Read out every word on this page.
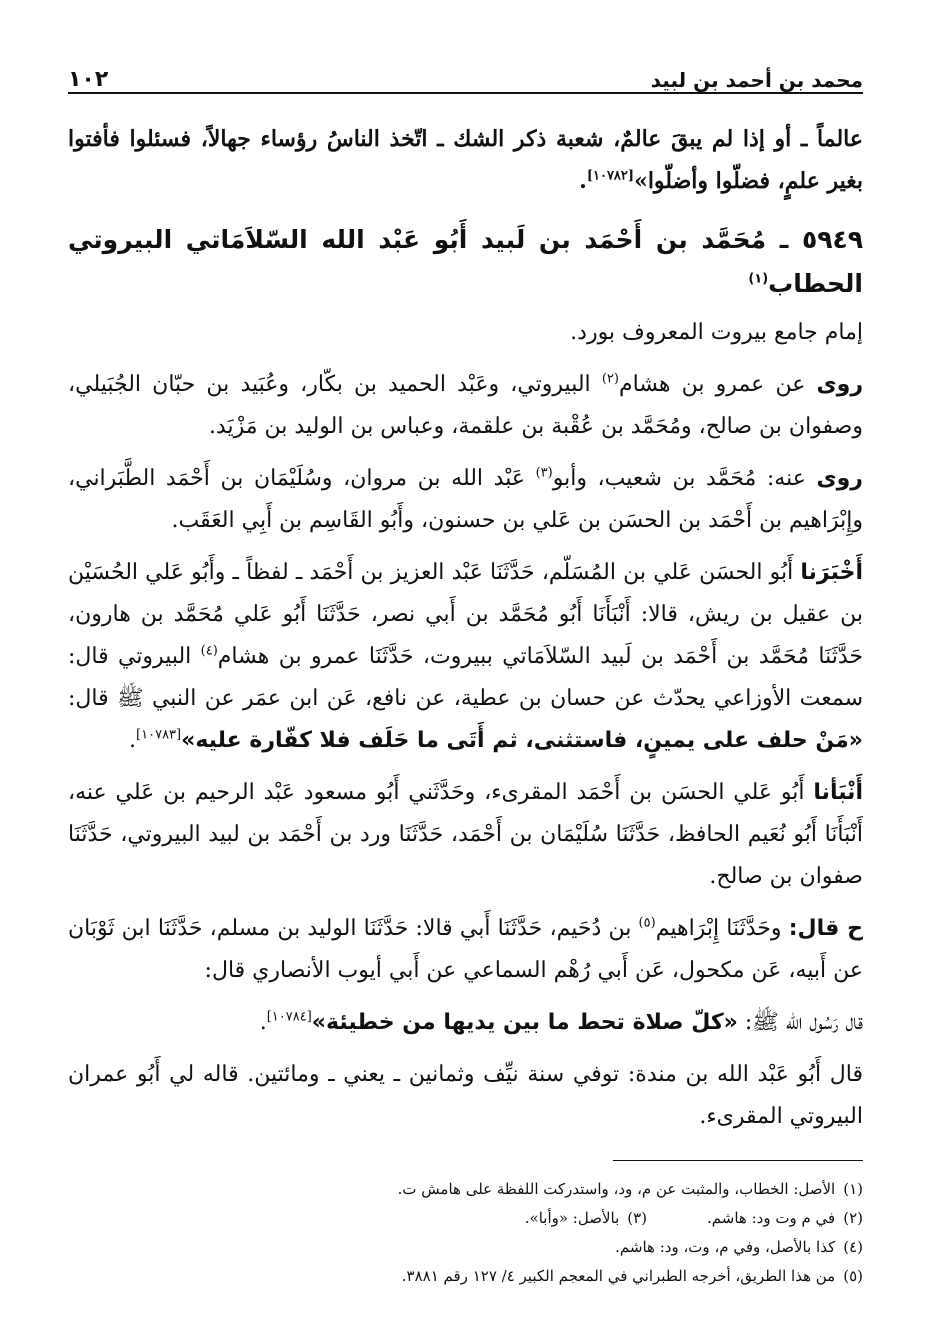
محمد بن أحمد بن لبيد
١٠٢

عالماً ـ أو إذا لم يبقَ عالمٌ، شعبة ذكر الشك ـ اتّخذ الناسُ رؤساء جهالاً، فسئلوا فأفتوا بغير علمٍ، فضلّوا وأضلّوا»[١٠٧٨٢].

٥٩٤٩ ـ مُحَمَّد بن أَحْمَد بن لَبيد أَبُو عَبْد الله السّلاَمَاتي البيروتي الحطاب$^{(١)}$

إمام جامع بيروت المعروف بورد.

روى عن عمرو بن هشام$^{(٢)}$ البيروتي، وعَبْد الحميد بن بكّار، وعُبَيد بن حبّان الجُبَيلي، وصفوان بن صالح، ومُحَمَّد بن عُقْبة بن علقمة، وعباس بن الوليد بن مَزْيَد.

روى عنه: مُحَمَّد بن شعيب، وأبو$^{(٣)}$ عَبْد الله بن مروان، وسُلَيْمَان بن أَحْمَد الطَّبَراني، وإِبْرَاهيم بن أَحْمَد بن الحسَن بن عَلي بن حسنون، وأَبُو القَاسِم بن أَبِي العَقَب.

أَخْبَرَنا أَبُو الحسَن عَلي بن المُسَلّم، حَدَّثَنَا عَبْد العزيز بن أَحْمَد ـ لفظاً ـ وأَبُو عَلي الحُسَيْن بن عقيل بن ريش، قالا: أَنْبَأَنَا أَبُو مُحَمَّد بن أَبي نصر، حَدَّثَنَا أَبُو عَلي مُحَمَّد بن هارون، حَدَّثَنَا مُحَمَّد بن أَحْمَد بن لَبيد السّلاَمَاتي ببيروت، حَدَّثَنَا عمرو بن هشام$^{(٤)}$ البيروتي قال: سمعت الأوزاعي يحدّث عن حسان بن عطية، عن نافع، عَن ابن عمَر عن النبي ﷺ قال: «مَنْ حلف على يمينٍ، فاستثنى، ثم أَتَى ما حَلَف فلا كفّارة عليه»[١٠٧٨٣].

أَنْبَأنا أَبُو عَلي الحسَن بن أَحْمَد المقرىء، وحَدَّثَني أَبُو مسعود عَبْد الرحيم بن عَلي عنه، أَنْبَأَنَا أَبُو نُعَيم الحافظ، حَدَّثَنَا سُلَيْمَان بن أَحْمَد، حَدَّثَنَا ورد بن أَحْمَد بن لبيد البيروتي، حَدَّثَنَا صفوان بن صالح.

ح قال: وحَدَّثَنَا إِبْرَاهيم$^{(٥)}$ بن دُحَيم، حَدَّثَنَا أَبي قالا: حَدَّثَنَا الوليد بن مسلم، حَدَّثَنَا ابن ثَوْبَان عن أَبيه، عَن مكحول، عَن أَبي رُهْم السماعي عن أَبي أيوب الأنصاري قال:

قال رَسُول الله ﷺ: «كلّ صلاة تحط ما بين يديها من خطيئة»[١٠٧٨٤].

قال أَبُو عَبْد الله بن مندة: توفي سنة نيِّف وثمانين ـ يعني ـ ومائتين. قاله لي أَبُو عمران البيروتي المقرىء.

(١)الأصل: الخطاب، والمثبت عن م، ود، واستدركت اللفظة على هامش ت.
(٢)في م وت ود: هاشم.
(٣)بالأصل: «وأبا».
(٤)كذا بالأصل، وفي م، وت، ود: هاشم.
(٥)من هذا الطريق، أخرجه الطبراني في المعجم الكبير ٤/ ١٢٧ رقم ٣٨٨١.
